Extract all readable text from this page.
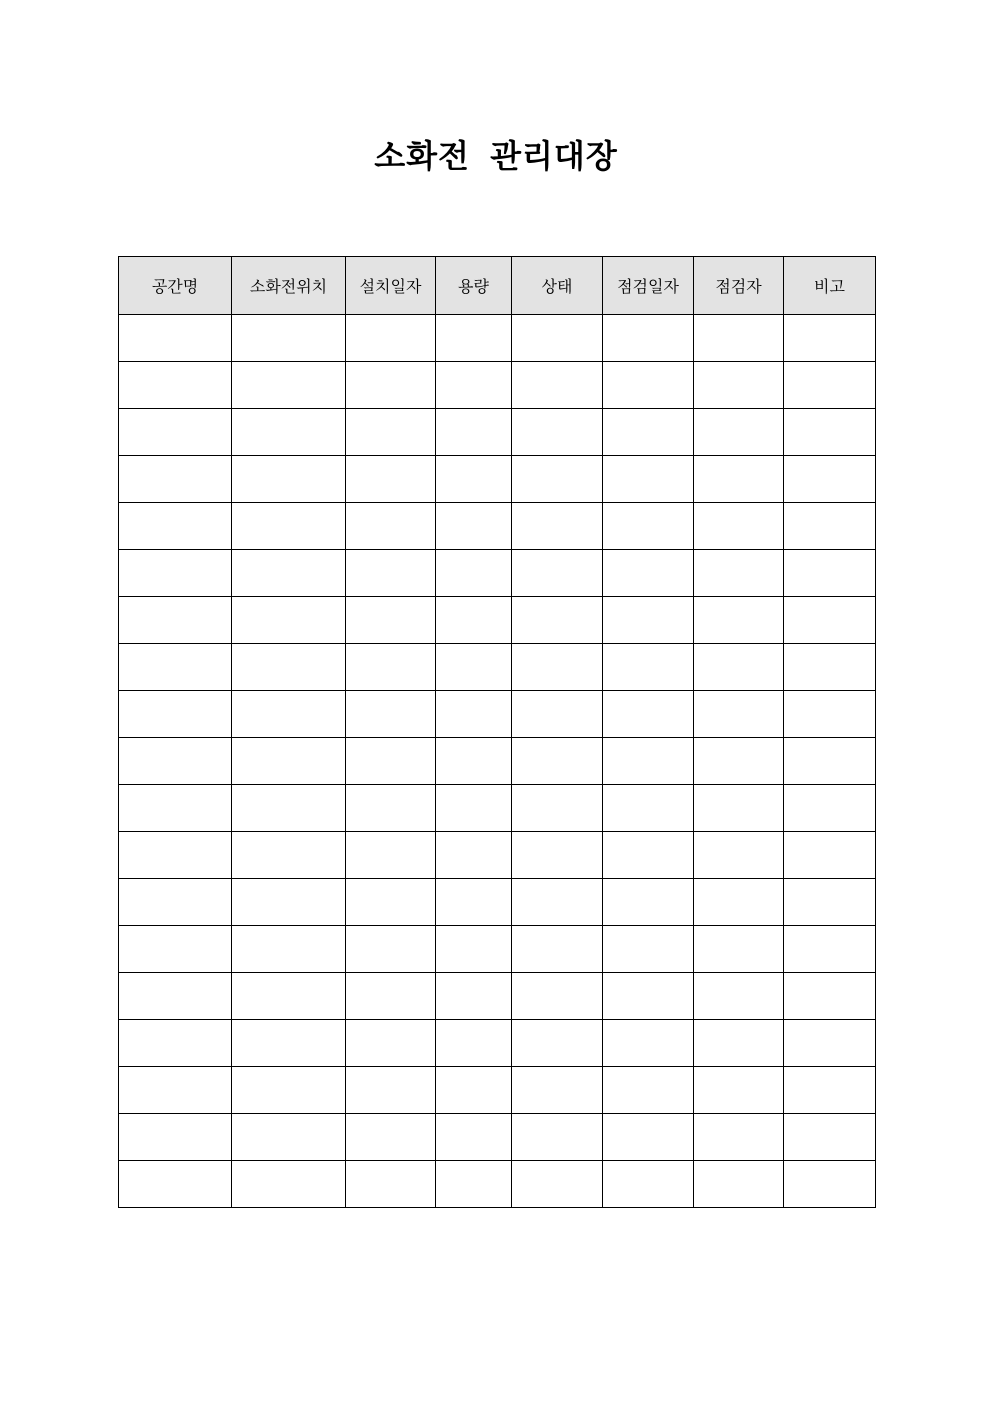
소화전 관리대장
공간명	소화전위치	설치일자	용량	상태	점검일자	점검자	비고
